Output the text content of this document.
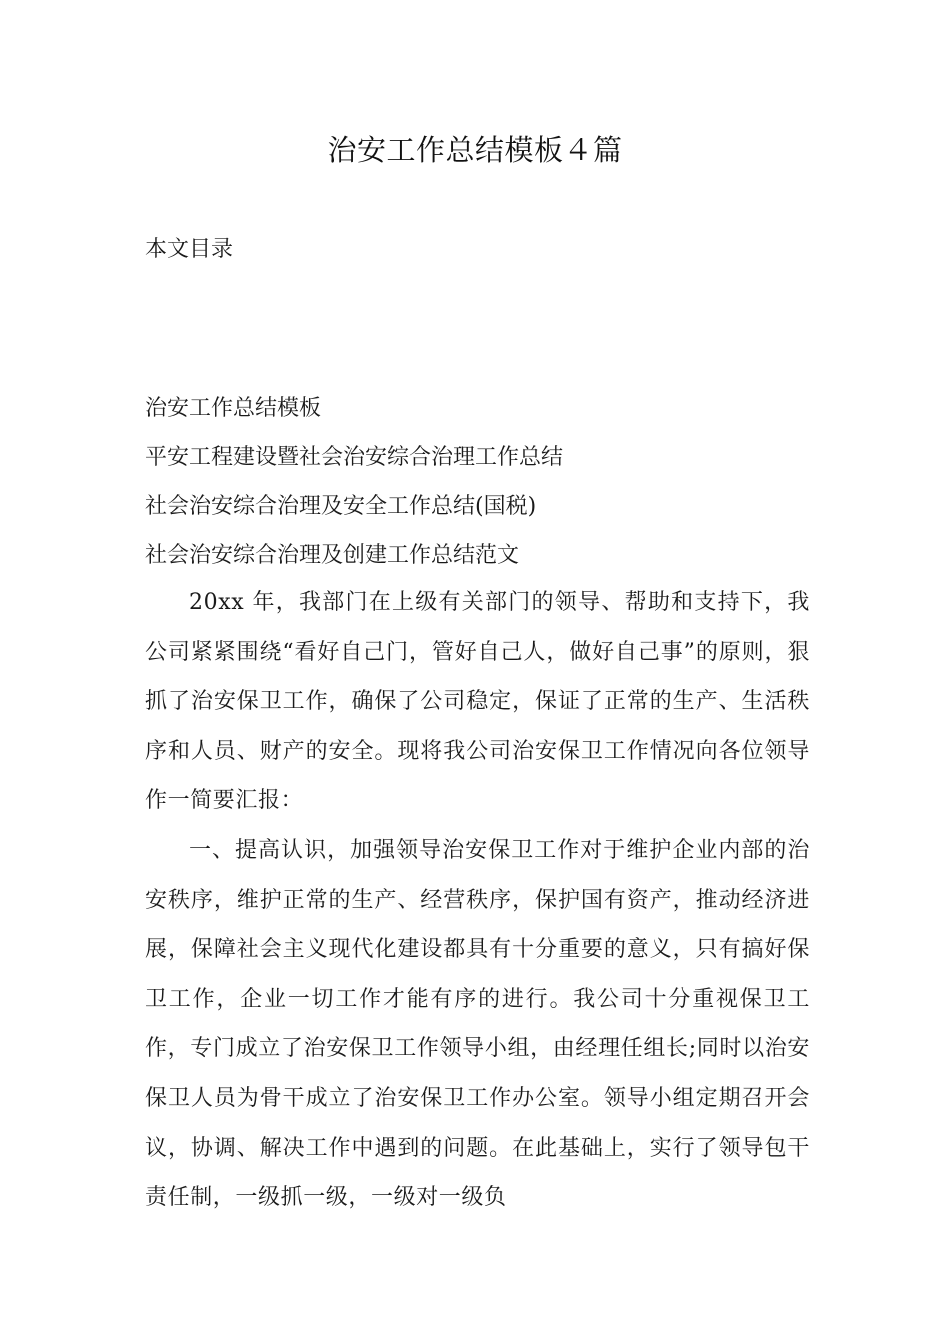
治安工作总结模板４篇
本文目录
治安工作总结模板
平安工程建设暨社会治安综合治理工作总结
社会治安综合治理及安全工作总结(国税)
社会治安综合治理及创建工作总结范文

20xx 年，我部门在上级有关部门的领导、帮助和支持下，我公司紧紧围绕“看好自己门，管好自己人，做好自己事”的原则，狠抓了治安保卫工作，确保了公司稳定，保证了正常的生产、生活秩序和人员、财产的安全。现将我公司治安保卫工作情况向各位领导作一简要汇报：

一、提高认识，加强领导治安保卫工作对于维护企业内部的治安秩序，维护正常的生产、经营秩序，保护国有资产，推动经济进展，保障社会主义现代化建设都具有十分重要的意义，只有搞好保卫工作，企业一切工作才能有序的进行。我公司十分重视保卫工作，专门成立了治安保卫工作领导小组，由经理任组长;同时以治安保卫人员为骨干成立了治安保卫工作办公室。领导小组定期召开会议，协调、解决工作中遇到的问题。在此基础上，实行了领导包干责任制，一级抓一级，一级对一级负
